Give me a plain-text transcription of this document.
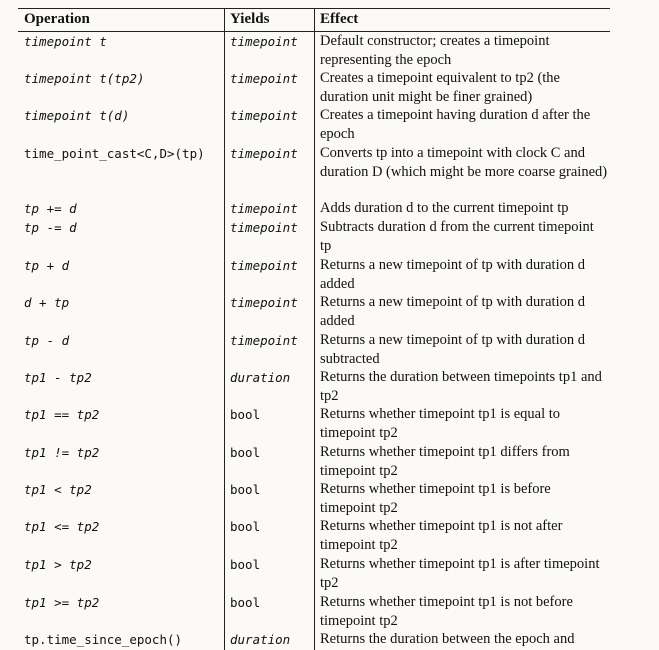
Operation	Yields	Effect
timepoint t	timepoint Default constructor; creates a timepoint representing the epoch
timepoint t(tp2)	timepoint Creates a timepoint equivalent to tp2 (the duration unit might be finer grained)
timepoint t(d)	timepoint Creates a timepoint having duration d after the epoch
time_point_cast<C,D>(tp) timepoint Converts tp into a timepoint with clock C and duration D (which might be more coarse grained)
tp += d	timepoint Adds duration d to the current timepoint tp
tp -= d	timepoint Subtracts duration d from the current timepoint tp
tp + d	timepoint Returns a new timepoint of tp with duration d added
d + tp	timepoint Returns a new timepoint of tp with duration d added
tp - d	timepoint Returns a new timepoint of tp with duration d subtracted
tp1 - tp2	duration Returns the duration between timepoints tp1 and tp2
tp1 == tp2	bool	Returns whether timepoint tp1 is equal to timepoint tp2
tp1 != tp2	bool	Returns whether timepoint tp1 differs from timepoint tp2
tp1 < tp2	bool	Returns whether timepoint tp1 is before timepoint tp2
tp1 <= tp2	bool	Returns whether timepoint tp1 is not after timepoint tp2
tp1 > tp2	bool	Returns whether timepoint tp1 is after timepoint tp2
tp1 >= tp2	bool	Returns whether timepoint tp1 is not before timepoint tp2
tp.time_since_epoch()	duration Returns the duration between the epoch and
